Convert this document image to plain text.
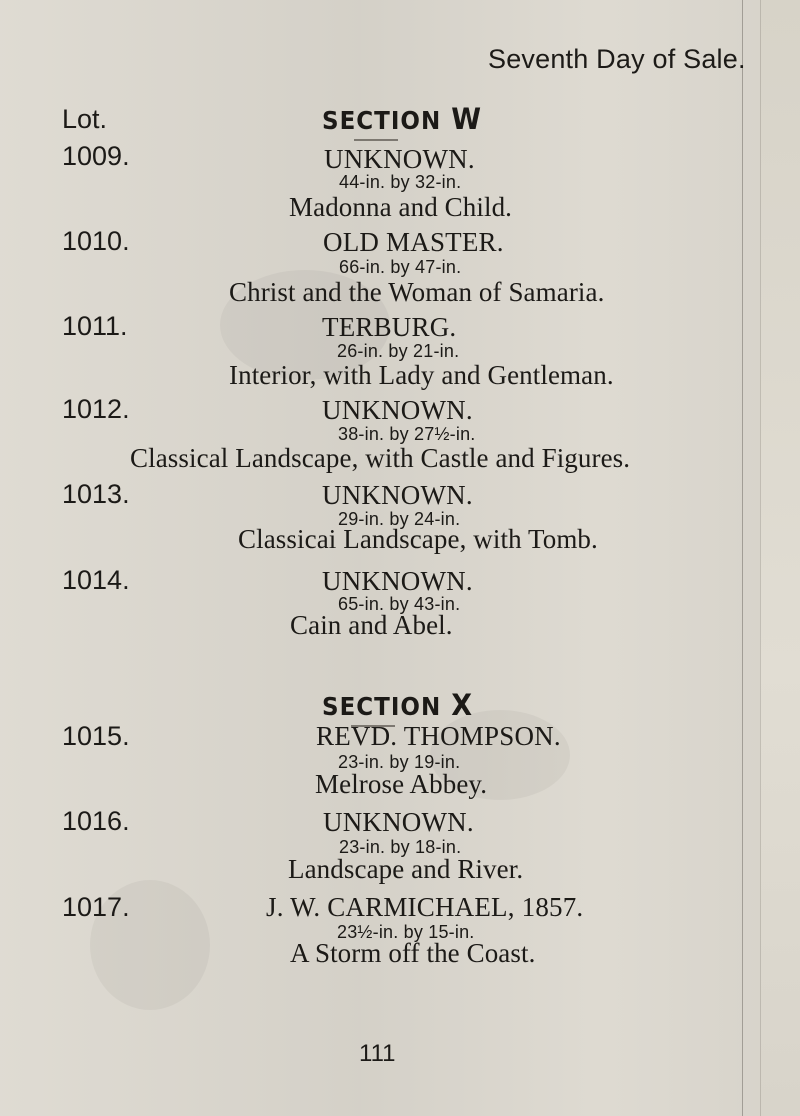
Seventh Day of Sale.
Lot.	SECTION W
1009.	UNKNOWN.
44-in. by 32-in.
Madonna and Child.
1010.	OLD MASTER.
66-in. by 47-in.
Christ and the Woman of Samaria.
1011.	TERBURG.
26-in. by 21-in.
Interior, with Lady and Gentleman.
1012.	UNKNOWN.
38-in. by 27½-in.
Classical Landscape, with Castle and Figures.
1013.	UNKNOWN.
29-in. by 24-in.
Classicai Landscape, with Tomb.
1014.	UNKNOWN.
65-in. by 43-in.
Cain and Abel.
SECTION X
1015.	REVD. THOMPSON.
23-in. by 19-in.
Melrose Abbey.
1016.	UNKNOWN.
23-in. by 18-in.
Landscape and River.
1017.	J. W. CARMICHAEL, 1857.
23½-in. by 15-in.
A Storm off the Coast.
111
